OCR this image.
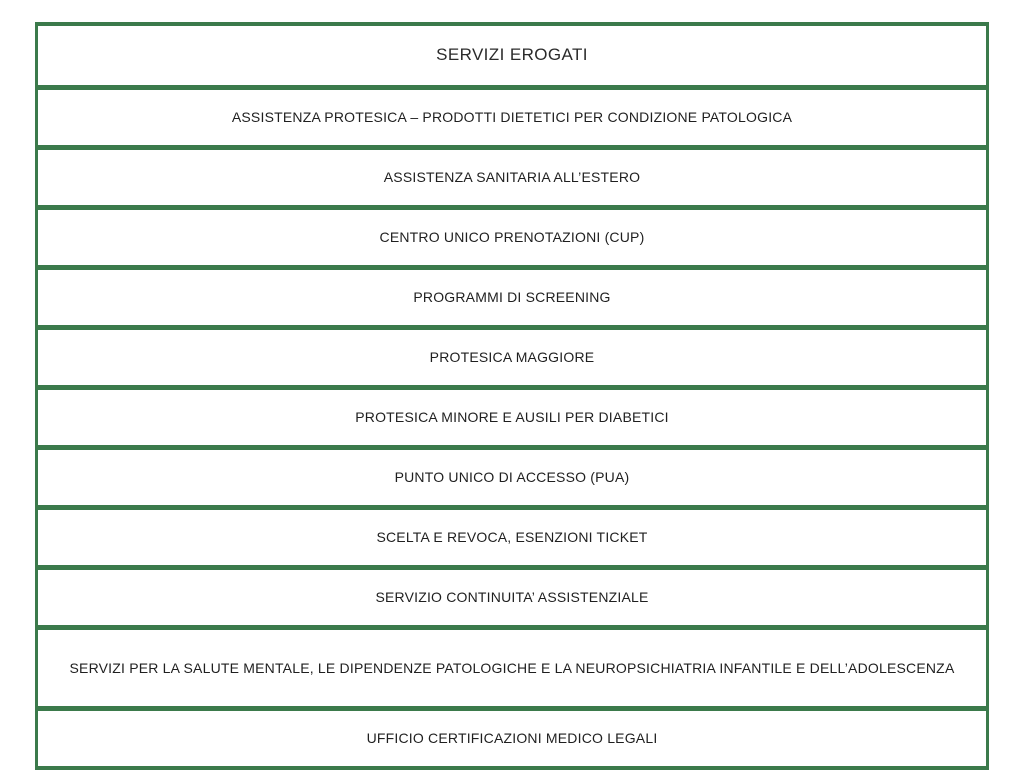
SERVIZI EROGATI
ASSISTENZA PROTESICA – PRODOTTI DIETETICI PER CONDIZIONE PATOLOGICA
ASSISTENZA SANITARIA ALL’ESTERO
CENTRO UNICO PRENOTAZIONI (CUP)
PROGRAMMI DI SCREENING
PROTESICA MAGGIORE
PROTESICA MINORE E AUSILI PER DIABETICI
PUNTO UNICO DI ACCESSO (PUA)
SCELTA E REVOCA, ESENZIONI TICKET
SERVIZIO CONTINUITA’ ASSISTENZIALE
SERVIZI PER LA SALUTE MENTALE, LE DIPENDENZE PATOLOGICHE E LA NEUROPSICHIATRIA INFANTILE E DELL’ADOLESCENZA
UFFICIO CERTIFICAZIONI MEDICO LEGALI
